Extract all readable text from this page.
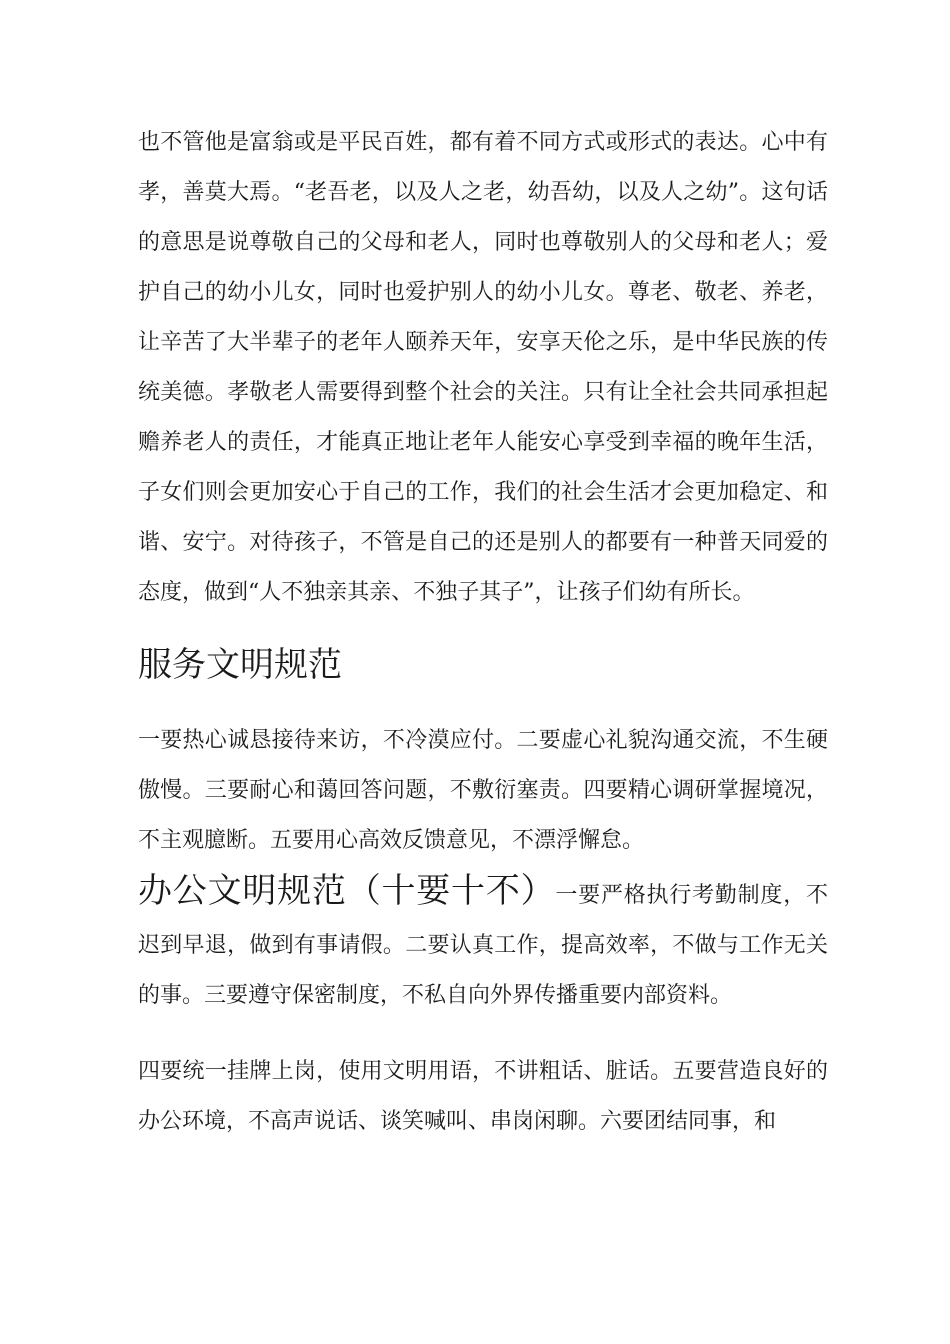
也不管他是富翁或是平民百姓，都有着不同方式或形式的表达。心中有孝，善莫大焉。“老吾老，以及人之老，幼吾幼，以及人之幼”。这句话的意思是说尊敬自己的父母和老人，同时也尊敬别人的父母和老人；爱护自己的幼小儿女，同时也爱护别人的幼小儿女。尊老、敬老、养老，让辛苦了大半辈子的老年人颐养天年，安享天伦之乐，是中华民族的传统美德。孝敬老人需要得到整个社会的关注。只有让全社会共同承担起赡养老人的责任，才能真正地让老年人能安心享受到幸福的晚年生活，子女们则会更加安心于自己的工作，我们的社会生活才会更加稳定、和谐、安宁。对待孩子，不管是自己的还是别人的都要有一种普天同爱的态度，做到“人不独亲其亲、不独子其子”，让孩子们幼有所长。

服务文明规范

一要热心诚恳接待来访，不冷漠应付。二要虚心礼貌沟通交流，不生硬傲慢。三要耐心和蔼回答问题，不敷衍塞责。四要精心调研掌握境况，不主观臆断。五要用心高效反馈意见，不漂浮懈怠。

办公文明规范（十要十不）一要严格执行考勤制度，不迟到早退，做到有事请假。二要认真工作，提高效率，不做与工作无关的事。三要遵守保密制度，不私自向外界传播重要内部资料。

四要统一挂牌上岗，使用文明用语，不讲粗话、脏话。五要营造良好的办公环境，不高声说话、谈笑喊叫、串岗闲聊。六要团结同事，和
